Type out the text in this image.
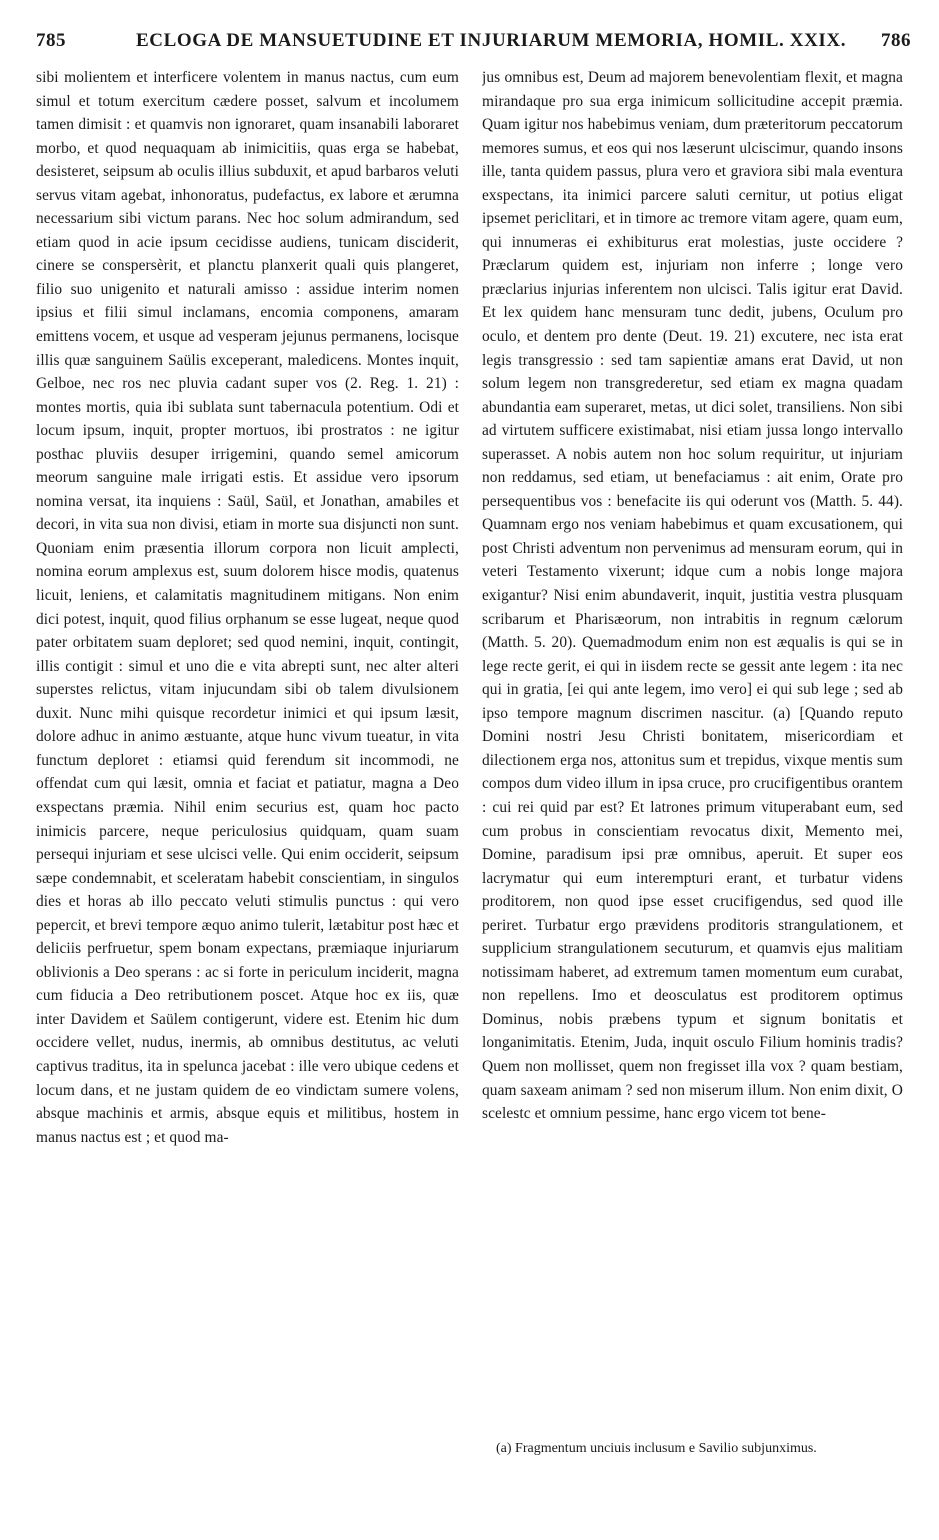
785	ECLOGA DE MANSUETUDINE ET INJURIARUM MEMORIA, HOMIL. XXIX. 786

sibi molientem et interficere volentem in manus nactus, cum eum simul et totum exercitum cædere posset, salvum et incolumem tamen dimisit : et quamvis non ignoraret, quam insanabili laboraret morbo, et quod nequaquam ab inimicitiis, quas erga se habebat, desisteret, seipsum ab oculis illius subduxit, et apud barbaros veluti servus vitam agebat, inhonoratus, pudefactus, ex labore et ærumna necessarium sibi victum parans. Nec hoc solum admirandum, sed etiam quod in acie ipsum cecidisse audiens, tunicam disciderit, cinere se conspersèrit, et planctu planxerit quali quis plangeret, filio suo unigenito et naturali amisso : assidue interim nomen ipsius et filii simul inclamans, encomia componens, amaram emittens vocem, et usque ad vesperam jejunus permanens, locisque illis quæ sanguinem Saülis exceperant, maledicens. Montes inquit, Gelboe, nec ros nec pluvia cadant super vos (2. Reg. 1. 21) : montes mortis, quia ibi sublata sunt tabernacula potentium. Odi et locum ipsum, inquit, propter mortuos, ibi prostratos : ne igitur posthac pluviis desuper irrigemini, quando semel amicorum meorum sanguine male irrigati estis. Et assidue vero ipsorum nomina versat, ita inquiens : Saül, Saül, et Jonathan, amabiles et decori, in vita sua non divisi, etiam in morte sua disjuncti non sunt. Quoniam enim præsentia illorum corpora non licuit amplecti, nomina eorum amplexus est, suum dolorem hisce modis, quatenus licuit, leniens, et calamitatis magnitudinem mitigans. Non enim dici potest, inquit, quod filius orphanum se esse lugeat, neque quod pater orbitatem suam deploret; sed quod nemini, inquit, contingit, illis contigit : simul et uno die e vita abrepti sunt, nec alter alteri superstes relictus, vitam injucundam sibi ob talem divulsionem duxit. Nunc mihi quisque recordetur inimici et qui ipsum læsit, dolore adhuc in animo æstuante, atque hunc vivum tueatur, in vita functum deploret : etiamsi quid ferendum sit incommodi, ne offendat cum qui læsit, omnia et faciat et patiatur, magna a Deo exspectans præmia. Nihil enim securius est, quam hoc pacto inimicis parcere, neque periculosius quidquam, quam suam persequi injuriam et sese ulcisci velle. Qui enim occiderit, seipsum sæpe condemnabit, et sceleratam habebit conscientiam, in singulos dies et horas ab illo peccato veluti stimulis punctus : qui vero pepercit, et brevi tempore æquo animo tulerit, lætabitur post hæc et deliciis perfruetur, spem bonam expectans, præmiaque injuriarum oblivionis a Deo sperans : ac si forte in periculum inciderit, magna cum fiducia a Deo retributionem poscet. Atque hoc ex iis, quæ inter Davidem et Saülem contigerunt, videre est. Etenim hic dum occidere vellet, nudus, inermis, ab omnibus destitutus, ac veluti captivus traditus, ita in spelunca jacebat : ille vero ubique cedens et locum dans, et ne justam quidem de eo vindictam sumere volens, absque machinis et armis, absque equis et militibus, hostem in manus nactus est ; et quod ma-

jus omnibus est, Deum ad majorem benevolentiam flexit, et magna mirandaque pro sua erga inimicum sollicitudine accepit præmia. Quam igitur nos habebimus veniam, dum præteritorum peccatorum memores sumus, et eos qui nos læserunt ulciscimur, quando insons ille, tanta quidem passus, plura vero et graviora sibi mala eventura exspectans, ita inimici parcere saluti cernitur, ut potius eligat ipsemet periclitari, et in timore ac tremore vitam agere, quam eum, qui innumeras ei exhibiturus erat molestias, juste occidere ? Præclarum quidem est, injuriam non inferre ; longe vero præclarius injurias inferentem non ulcisci. Talis igitur erat David. Et lex quidem hanc mensuram tunc dedit, jubens, Oculum pro oculo, et dentem pro dente (Deut. 19. 21) excutere, nec ista erat legis transgressio : sed tam sapientiæ amans erat David, ut non solum legem non transgrederetur, sed etiam ex magna quadam abundantia eam superaret, metas, ut dici solet, transiliens. Non sibi ad virtutem sufficere existimabat, nisi etiam jussa longo intervallo superasset. A nobis autem non hoc solum requiritur, ut injuriam non reddamus, sed etiam, ut benefaciamus : ait enim, Orate pro persequentibus vos : benefacite iis qui oderunt vos (Matth. 5. 44). Quamnam ergo nos veniam habebimus et quam excusationem, qui post Christi adventum non pervenimus ad mensuram eorum, qui in veteri Testamento vixerunt; idque cum a nobis longe majora exigantur? Nisi enim abundaverit, inquit, justitia vestra plusquam scribarum et Pharisæorum, non intrabitis in regnum cælorum (Matth. 5. 20). Quemadmodum enim non est æqualis is qui se in lege recte gerit, ei qui in iisdem recte se gessit ante legem : ita nec qui in gratia, [ei qui ante legem, imo vero] ei qui sub lege ; sed ab ipso tempore magnum discrimen nascitur. (a) [Quando reputo Domini nostri Jesu Christi bonitatem, misericordiam et dilectionem erga nos, attonitus sum et trepidus, vixque mentis sum compos dum video illum in ipsa cruce, pro crucifigentibus orantem : cui rei quid par est? Et latrones primum vituperabant eum, sed cum probus in conscientiam revocatus dixit, Memento mei, Domine, paradisum ipsi præ omnibus, aperuit. Et super eos lacrymatur qui eum interempturi erant, et turbatur videns proditorem, non quod ipse esset crucifigendus, sed quod ille periret. Turbatur ergo prævidens proditoris strangulationem, et supplicium strangulationem secuturum, et quamvis ejus malitiam notissimam haberet, ad extremum tamen momentum eum curabat, non repellens. Imo et deosculatus est proditorem optimus Dominus, nobis præbens typum et signum bonitatis et longanimitatis. Etenim, Juda, inquit osculo Filium hominis tradis? Quem non mollisset, quem non fregisset illa vox ? quam bestiam, quam saxeam animam ? sed non miserum illum. Non enim dixit, O scelestc et omnium pessime, hanc ergo vicem tot bene-

(a) Fragmentum unciuis inclusum e Savilio subjunximus.
